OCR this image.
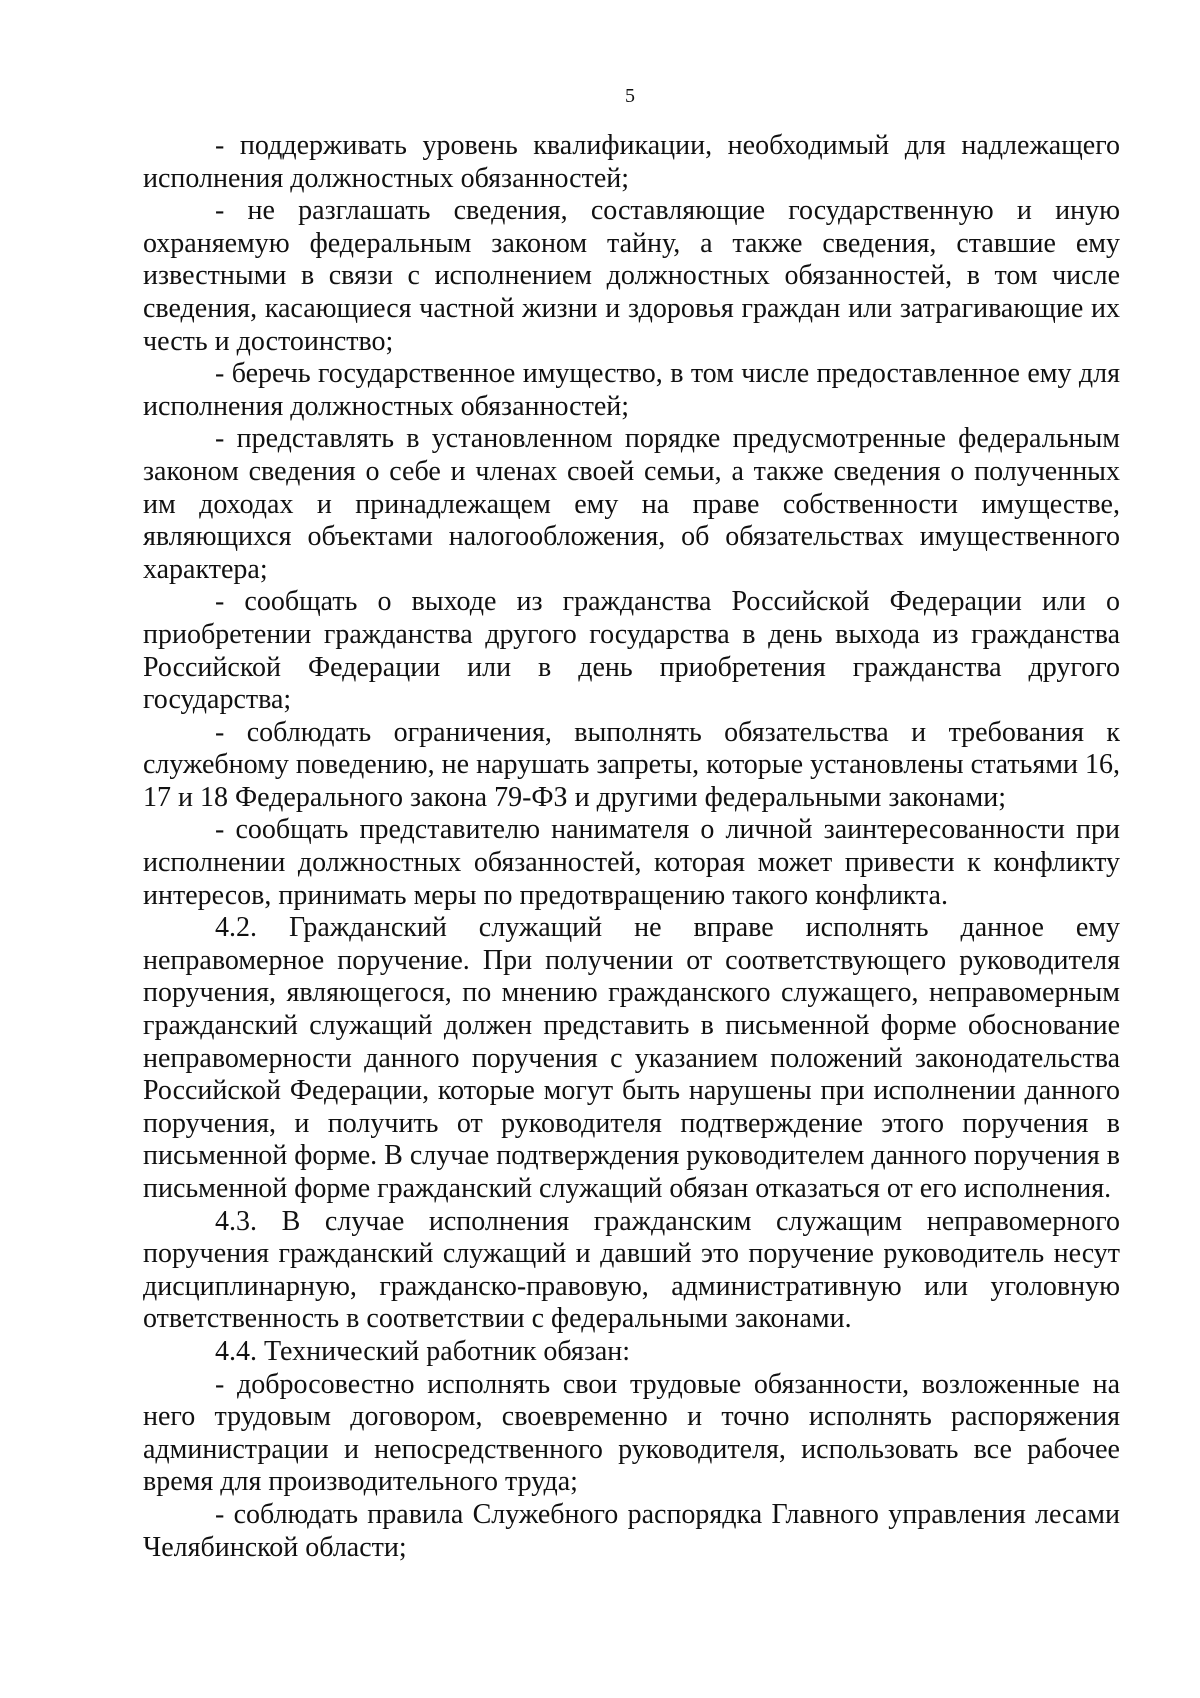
5

- поддерживать уровень квалификации, необходимый для надлежащего исполнения должностных обязанностей;

- не разглашать сведения, составляющие государственную и иную охраняемую федеральным законом тайну, а также сведения, ставшие ему известными в связи с исполнением должностных обязанностей, в том числе сведения, касающиеся частной жизни и здоровья граждан или затрагивающие их честь и достоинство;

- беречь государственное имущество, в том числе предоставленное ему для исполнения должностных обязанностей;

- представлять в установленном порядке предусмотренные федеральным законом сведения о себе и членах своей семьи, а также сведения о полученных им доходах и принадлежащем ему на праве собственности имуществе, являющихся объектами налогообложения, об обязательствах имущественного характера;

- сообщать о выходе из гражданства Российской Федерации или о приобретении гражданства другого государства в день выхода из гражданства Российской Федерации или в день приобретения гражданства другого государства;

- соблюдать ограничения, выполнять обязательства и требования к служебному поведению, не нарушать запреты, которые установлены статьями 16, 17 и 18 Федерального закона 79-ФЗ и другими федеральными законами;

- сообщать представителю нанимателя о личной заинтересованности при исполнении должностных обязанностей, которая может привести к конфликту интересов, принимать меры по предотвращению такого конфликта.

4.2. Гражданский служащий не вправе исполнять данное ему неправомерное поручение. При получении от соответствующего руководителя поручения, являющегося, по мнению гражданского служащего, неправомерным гражданский служащий должен представить в письменной форме обоснование неправомерности данного поручения с указанием положений законодательства Российской Федерации, которые могут быть нарушены при исполнении данного поручения, и получить от руководителя подтверждение этого поручения в письменной форме. В случае подтверждения руководителем данного поручения в письменной форме гражданский служащий обязан отказаться от его исполнения.

4.3. В случае исполнения гражданским служащим неправомерного поручения гражданский служащий и давший это поручение руководитель несут дисциплинарную, гражданско-правовую, административную или уголовную ответственность в соответствии с федеральными законами.

4.4. Технический работник обязан:

- добросовестно исполнять свои трудовые обязанности, возложенные на него трудовым договором, своевременно и точно исполнять распоряжения администрации и непосредственного руководителя, использовать все рабочее время для производительного труда;

- соблюдать правила Служебного распорядка Главного управления лесами Челябинской области;
